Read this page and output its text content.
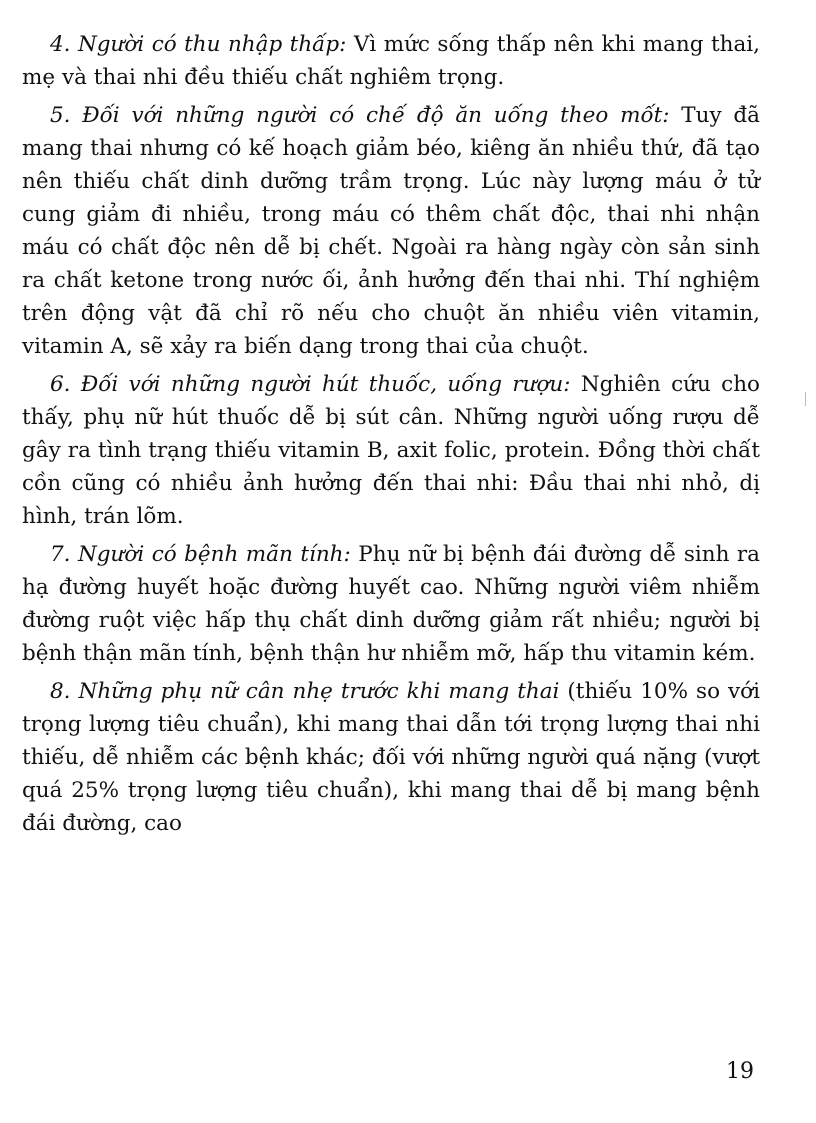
4. Người có thu nhập thấp: Vì mức sống thấp nên khi mang thai, mẹ và thai nhi đều thiếu chất nghiêm trọng.

5. Đối với những người có chế độ ăn uống theo mốt: Tuy đã mang thai nhưng có kế hoạch giảm béo, kiêng ăn nhiều thứ, đã tạo nên thiếu chất dinh dưỡng trầm trọng. Lúc này lượng máu ở tử cung giảm đi nhiều, trong máu có thêm chất độc, thai nhi nhận máu có chất độc nên dễ bị chết. Ngoài ra hàng ngày còn sản sinh ra chất ketone trong nước ối, ảnh hưởng đến thai nhi. Thí nghiệm trên động vật đã chỉ rõ nếu cho chuột ăn nhiều viên vitamin, vitamin A, sẽ xảy ra biến dạng trong thai của chuột.

6. Đối với những người hút thuốc, uống rượu: Nghiên cứu cho thấy, phụ nữ hút thuốc dễ bị sút cân. Những người uống rượu dễ gây ra tình trạng thiếu vitamin B, axit folic, protein. Đồng thời chất cồn cũng có nhiều ảnh hưởng đến thai nhi: Đầu thai nhi nhỏ, dị hình, trán lõm.

7. Người có bệnh mãn tính: Phụ nữ bị bệnh đái đường dễ sinh ra hạ đường huyết hoặc đường huyết cao. Những người viêm nhiễm đường ruột việc hấp thụ chất dinh dưỡng giảm rất nhiều; người bị bệnh thận mãn tính, bệnh thận hư nhiễm mỡ, hấp thu vitamin kém.

8. Những phụ nữ cân nhẹ trước khi mang thai (thiếu 10% so với trọng lượng tiêu chuẩn), khi mang thai dẫn tới trọng lượng thai nhi thiếu, dễ nhiễm các bệnh khác; đối với những người quá nặng (vượt quá 25% trọng lượng tiêu chuẩn), khi mang thai dễ bị mang bệnh đái đường, cao

19
